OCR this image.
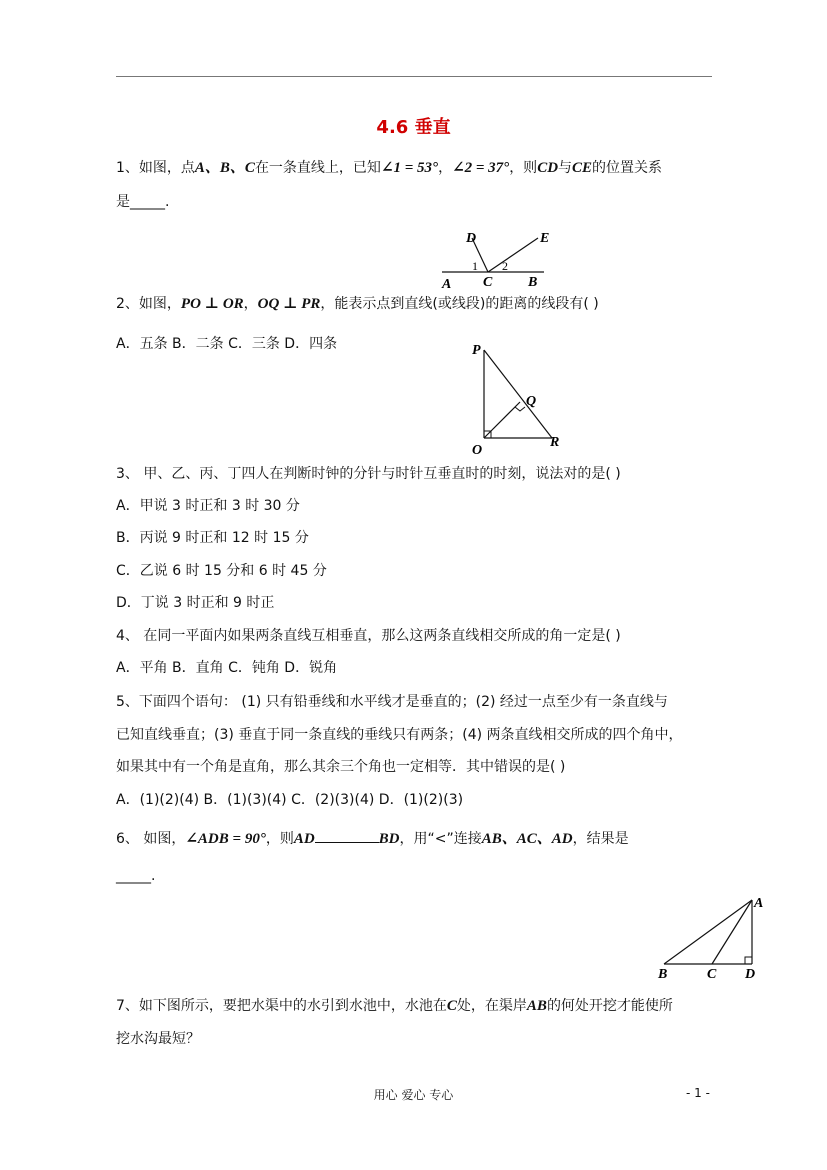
4.6 垂直
1、如图，点A、B、C在一条直线上，已知∠1 = 53°，∠2 = 37°，则CD与CE的位置关系
是_____.
D	E
1 2
A C	B
2、如图，PO ⊥ OR，OQ ⊥ PR，能表示点到直线(或线段)的距离的线段有( )
A．五条 B．二条 C．三条 D．四条	P
Q
O
R
3、 甲、乙、丙、丁四人在判断时钟的分针与时针互垂直时的时刻，说法对的是( )
A．甲说 3 时正和 3 时 30 分
B．丙说 9 时正和 12 时 15 分
C．乙说 6 时 15 分和 6 时 45 分
D．丁说 3 时正和 9 时正
4、 在同一平面内如果两条直线互相垂直，那么这两条直线相交所成的角一定是( )
A．平角 B．直角 C．钝角 D．锐角
5、下面四个语句： (1) 只有铅垂线和水平线才是垂直的；(2) 经过一点至少有一条直线与
已知直线垂直；(3) 垂直于同一条直线的垂线只有两条；(4) 两条直线相交所成的四个角中，
如果其中有一个角是直角，那么其余三个角也一定相等．其中错误的是( )
A．(1)(2)(4) B．(1)(3)(4) C．(2)(3)(4) D．(1)(2)(3)
6、 如图，∠ADB = 90°，则AD	BD，用“<”连接AB、AC、AD，结果是
_____.
A
B	C D
7、如下图所示，要把水渠中的水引到水池中，水池在C处，在渠岸AB的何处开挖才能使所
挖水沟最短？
用心 爱心 专心	- 1 -
